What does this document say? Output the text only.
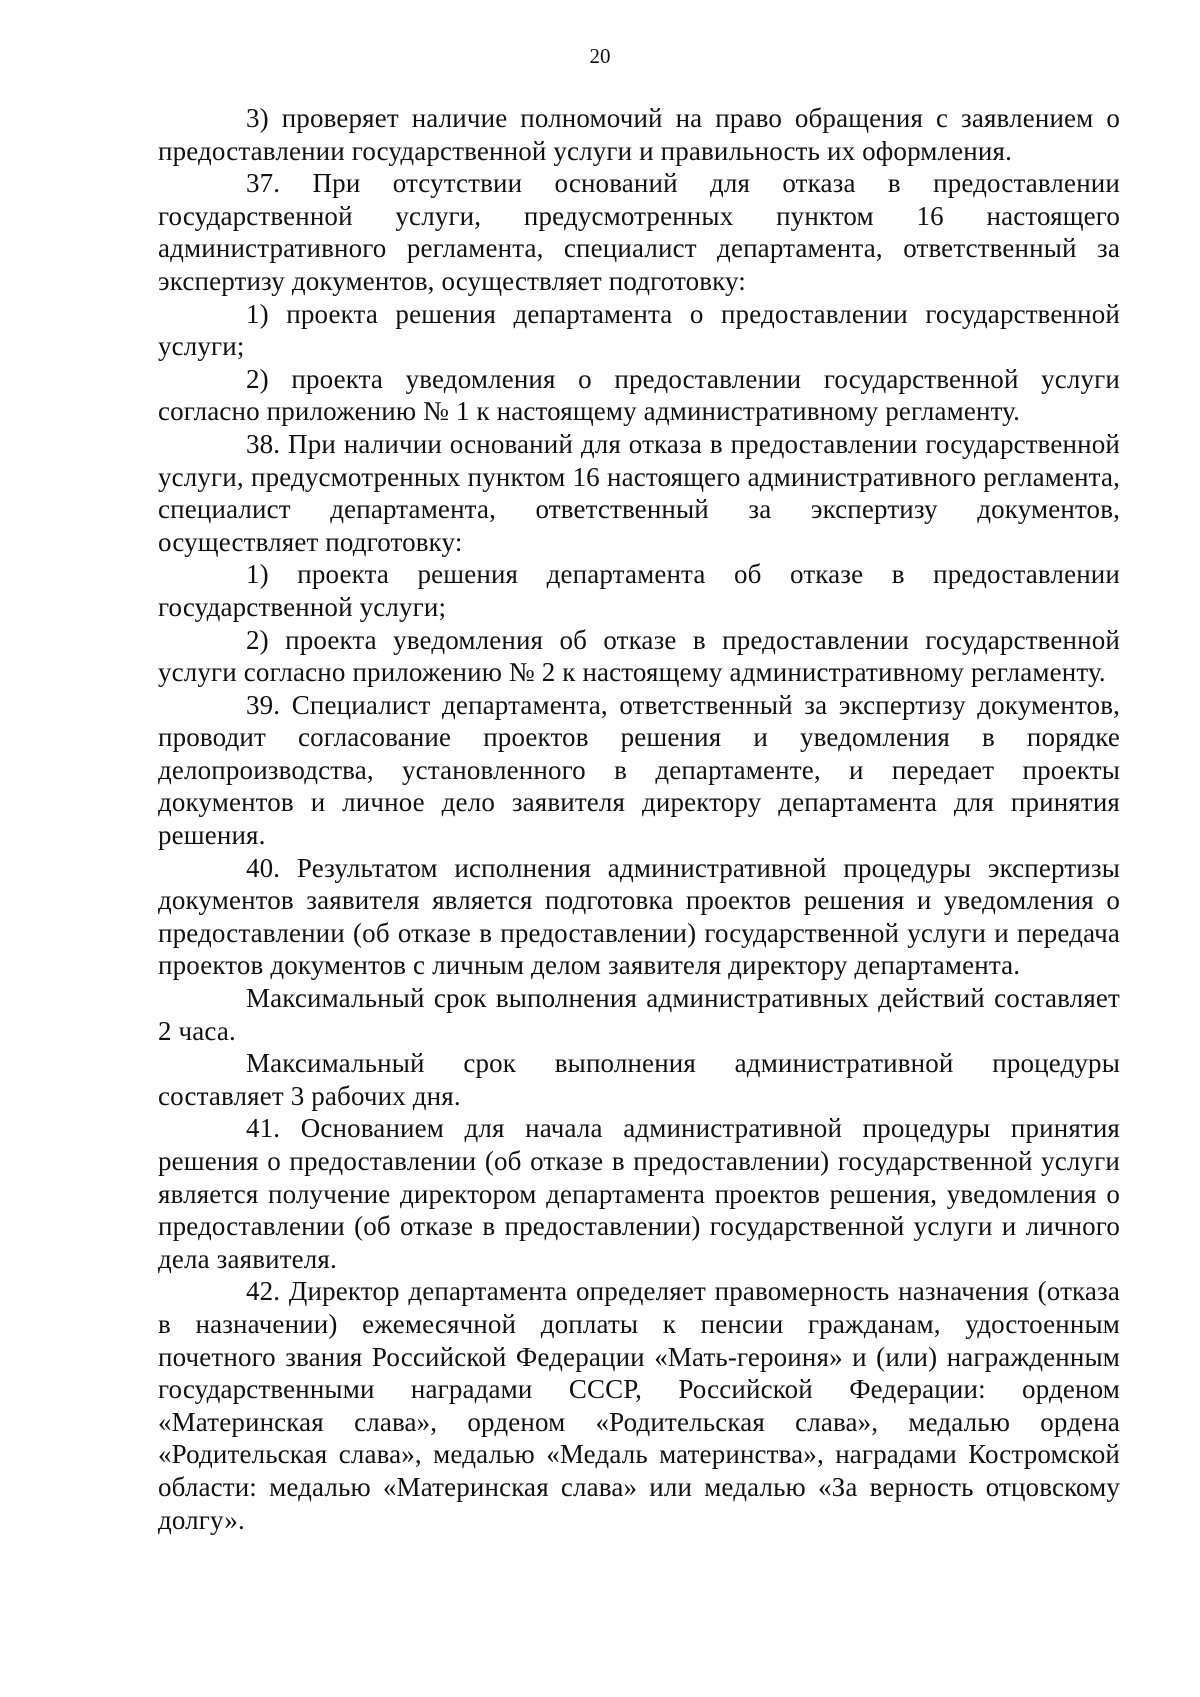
20

3) проверяет наличие полномочий на право обращения с заявлением о предоставлении государственной услуги и правильность их оформления.

37. При отсутствии оснований для отказа в предоставлении государственной услуги, предусмотренных пунктом 16 настоящего административного регламента, специалист департамента, ответственный за экспертизу документов, осуществляет подготовку:

1) проекта решения департамента о предоставлении государственной услуги;

2) проекта уведомления о предоставлении государственной услуги согласно приложению № 1 к настоящему административному регламенту.

38. При наличии оснований для отказа в предоставлении государственной услуги, предусмотренных пунктом 16 настоящего административного регламента, специалист департамента, ответственный за экспертизу документов, осуществляет подготовку:

1) проекта решения департамента об отказе в предоставлении государственной услуги;

2) проекта уведомления об отказе в предоставлении государственной услуги согласно приложению № 2 к настоящему административному регламенту.

39. Специалист департамента, ответственный за экспертизу документов, проводит согласование проектов решения и уведомления в порядке делопроизводства, установленного в департаменте, и передает проекты документов и личное дело заявителя директору департамента для принятия решения.

40. Результатом исполнения административной процедуры экспертизы документов заявителя является подготовка проектов решения и уведомления о предоставлении (об отказе в предоставлении) государственной услуги и передача проектов документов с личным делом заявителя директору департамента.

Максимальный срок выполнения административных действий составляет 2 часа.

Максимальный срок выполнения административной процедуры составляет 3 рабочих дня.

41. Основанием для начала административной процедуры принятия решения о предоставлении (об отказе в предоставлении) государственной услуги является получение директором департамента проектов решения, уведомления о предоставлении (об отказе в предоставлении) государственной услуги и личного дела заявителя.

42. Директор департамента определяет правомерность назначения (отказа в назначении) ежемесячной доплаты к пенсии гражданам, удостоенным почетного звания Российской Федерации «Мать-героиня» и (или) награжденным государственными наградами СССР, Российской Федерации: орденом «Материнская слава», орденом «Родительская слава», медалью ордена «Родительская слава», медалью «Медаль материнства», наградами Костромской области: медалью «Материнская слава» или медалью «За верность отцовскому долгу».
